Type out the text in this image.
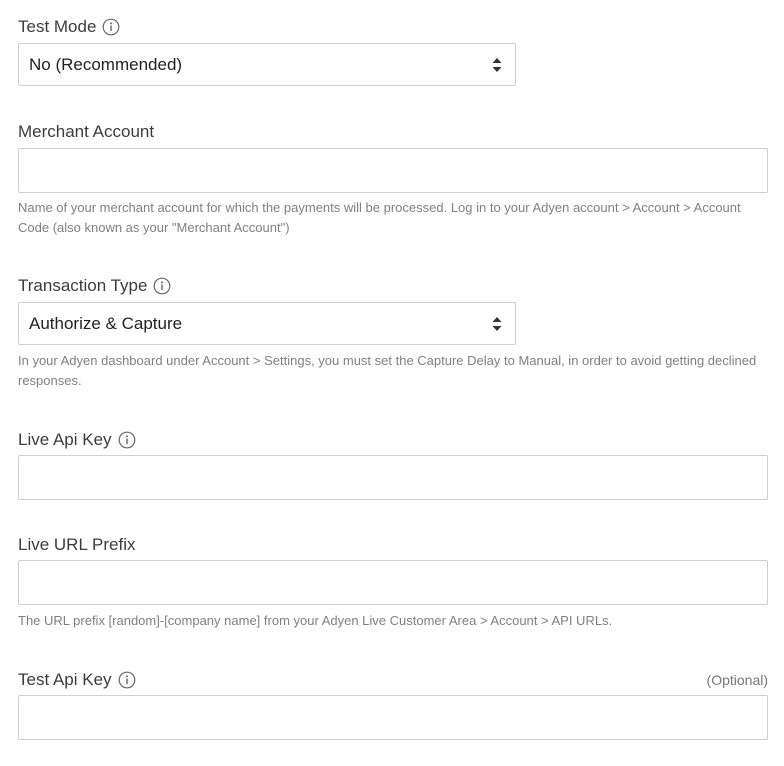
Test Mode
No (Recommended)
Merchant Account
Name of your merchant account for which the payments will be processed. Log in to your Adyen account > Account > Account Code (also known as your "Merchant Account")
Transaction Type
Authorize & Capture
In your Adyen dashboard under Account > Settings, you must set the Capture Delay to Manual, in order to avoid getting declined responses.
Live Api Key
Live URL Prefix
The URL prefix [random]-[company name] from your Adyen Live Customer Area > Account > API URLs.
Test Api Key	(Optional)
